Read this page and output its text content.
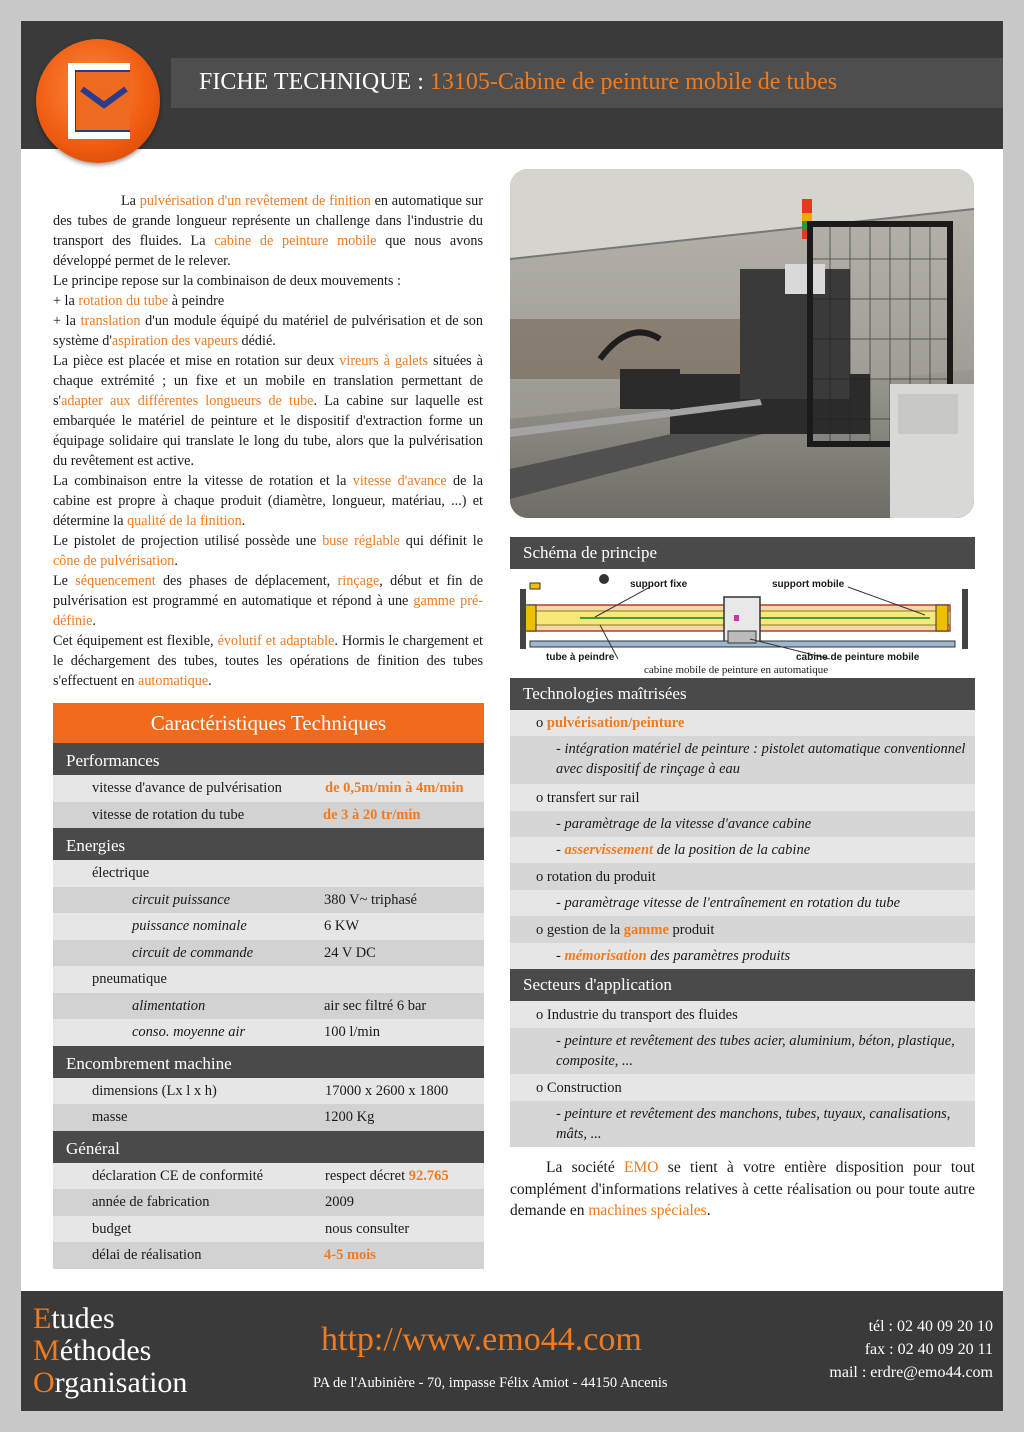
FICHE TECHNIQUE : 13105-Cabine de peinture mobile de tubes

La pulvérisation d'un revêtement de finition en automatique sur des tubes de grande longueur représente un challenge dans l'industrie du transport des fluides. La cabine de peinture mobile que nous avons développé permet de le relever.

Le principe repose sur la combinaison de deux mouvements :

+ la rotation du tube à peindre

+ la translation d'un module équipé du matériel de pulvérisation et de son système d'aspiration des vapeurs dédié.

La pièce est placée et mise en rotation sur deux vireurs à galets situées à chaque extrémité ; un fixe et un mobile en translation permettant de s'adapter aux différentes longueurs de tube. La cabine sur laquelle est embarquée le matériel de peinture et le dispositif d'extraction forme un équipage solidaire qui translate le long du tube, alors que la pulvérisation du revêtement est active.

La combinaison entre la vitesse de rotation et la vitesse d'avance de la cabine est propre à chaque produit (diamètre, longueur, matériau, ...) et détermine la qualité de la finition.

Le pistolet de projection utilisé possède une buse réglable qui définit le cône de pulvérisation.

Le séquencement des phases de déplacement, rinçage, début et fin de pulvérisation est programmé en automatique et répond à une gamme pré-définie.

Cet équipement est flexible, évolutif et adaptable. Hormis le chargement et le déchargement des tubes, toutes les opérations de finition des tubes s'effectuent en automatique.

Caractéristiques Techniques
Performances
vitesse d'avance de pulvérisation	de 0,5m/min à 4m/min
vitesse de rotation du tube	de 3 à 20 tr/min
Energies
électrique
circuit puissance	380 V~ triphasé
puissance nominale	6 KW
circuit de commande	24 V DC
pneumatique
alimentation	air sec filtré 6 bar
conso. moyenne air	100 l/min
Encombrement machine
dimensions (Lx l x h)	17000 x 2600 x 1800
masse	1200 Kg
Général
déclaration CE de conformité	respect décret 92.765
année de fabrication	2009
budget	nous consulter
délai de réalisation	4-5 mois
Schéma de principe
support fixe	support mobile
tube à peindre	cabine de peinture mobile
cabine mobile de peinture en automatique
Technologies maîtrisées
o pulvérisation/peinture
- intégration matériel de peinture : pistolet automatique conventionnel avec dispositif de rinçage à eau
o transfert sur rail
- paramètrage de la vitesse d'avance cabine
- asservissement de la position de la cabine
o rotation du produit
- paramètrage vitesse de l'entraînement en rotation du tube
o gestion de la gamme produit
- mémorisation des paramètres produits
Secteurs d'application
o Industrie du transport des fluides
- peinture et revêtement des tubes acier, aluminium, béton, plastique, composite, ...
o Construction
- peinture et revêtement des manchons, tubes, tuyaux, canalisations, mâts, ...
La société EMO se tient à votre entière disposition pour tout complément d'informations relatives à cette réalisation ou pour toute autre demande en machines spéciales.
Etudes
Méthodes
Organisation
http://www.emo44.com
PA de l'Aubinière - 70, impasse Félix Amiot - 44150 Ancenis
tél : 02 40 09 20 10
fax : 02 40 09 20 11
mail : erdre@emo44.com
